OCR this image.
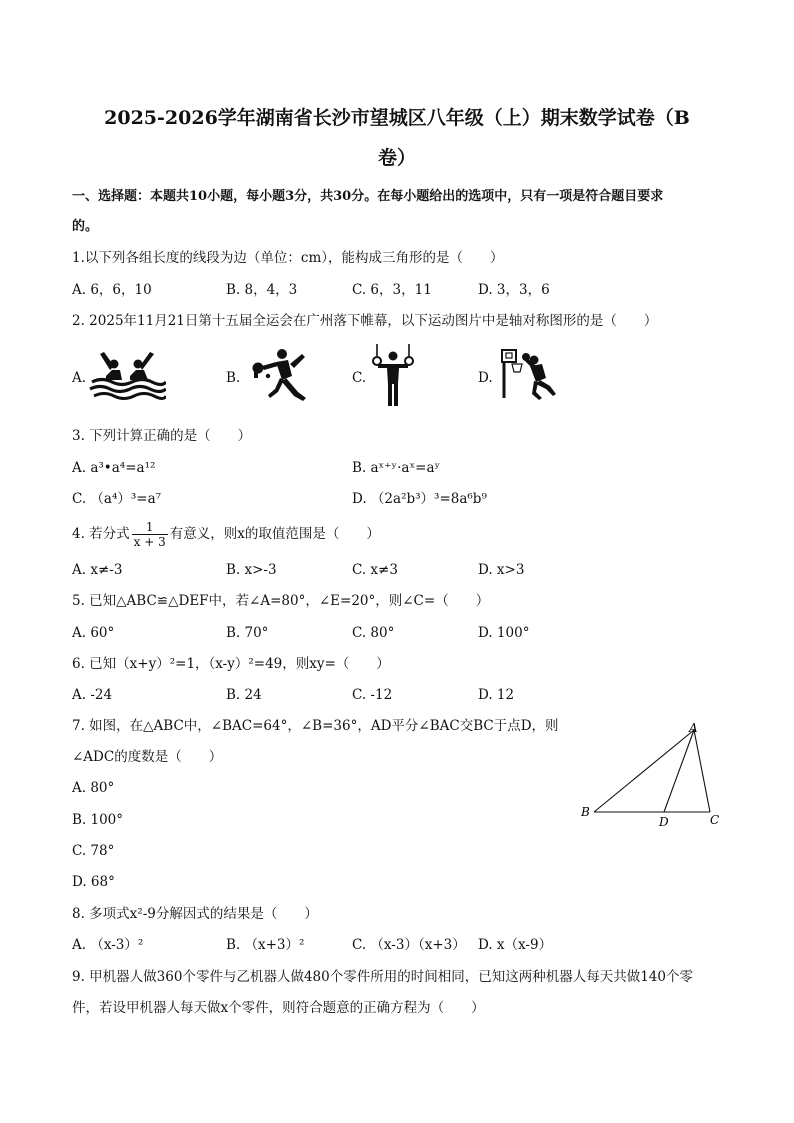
2025-2026学年湖南省长沙市望城区八年级（上）期末数学试卷（B
卷）
一、选择题：本题共10小题，每小题3分，共30分。在每小题给出的选项中，只有一项是符合题目要求
的。
1.以下列各组长度的线段为边（单位：cm），能构成三角形的是（　　）
A. 6，6，10	B. 8，4，3	C. 6，3，11	D. 3，3，6
2. 2025年11月21日第十五届全运会在广州落下帷幕，以下运动图片中是轴对称图形的是（　　）
A.	B.	C.	D.
3. 下列计算正确的是（　　）
A. a³•a⁴=a¹²	B. aˣ⁺ʸ·aˣ=aʸ
C. （a⁴）³=a⁷	D. （2a²b³）³=8a⁶b⁹
4. 若分式 $\frac{1}{x + 3}$ 有意义，则x的取值范围是（　　）
A. x≠-3	B. x>-3	C. x≠3	D. x>3
5. 已知△ABC≌△DEF中，若∠A=80°，∠E=20°，则∠C=（　　）
A. 60°	B. 70°	C. 80°	D. 100°
6. 已知（x+y）²=1，（x-y）²=49，则xy=（　　）
A. -24	B. 24	C. -12	D. 12
7. 如图，在△ABC中，∠BAC=64°，∠B=36°，AD平分∠BAC交BC于点D，则
∠ADC的度数是（　　）
A. 80°
B. 100°
C. 78°
D. 68°
A
B
C
D
8. 多项式x²-9分解因式的结果是（　　）
A. （x-3）²	B. （x+3）²	C. （x-3）（x+3） D. x（x-9）
9. 甲机器人做360个零件与乙机器人做480个零件所用的时间相同，已知这两种机器人每天共做140个零
件，若设甲机器人每天做x个零件，则符合题意的正确方程为（　　）
